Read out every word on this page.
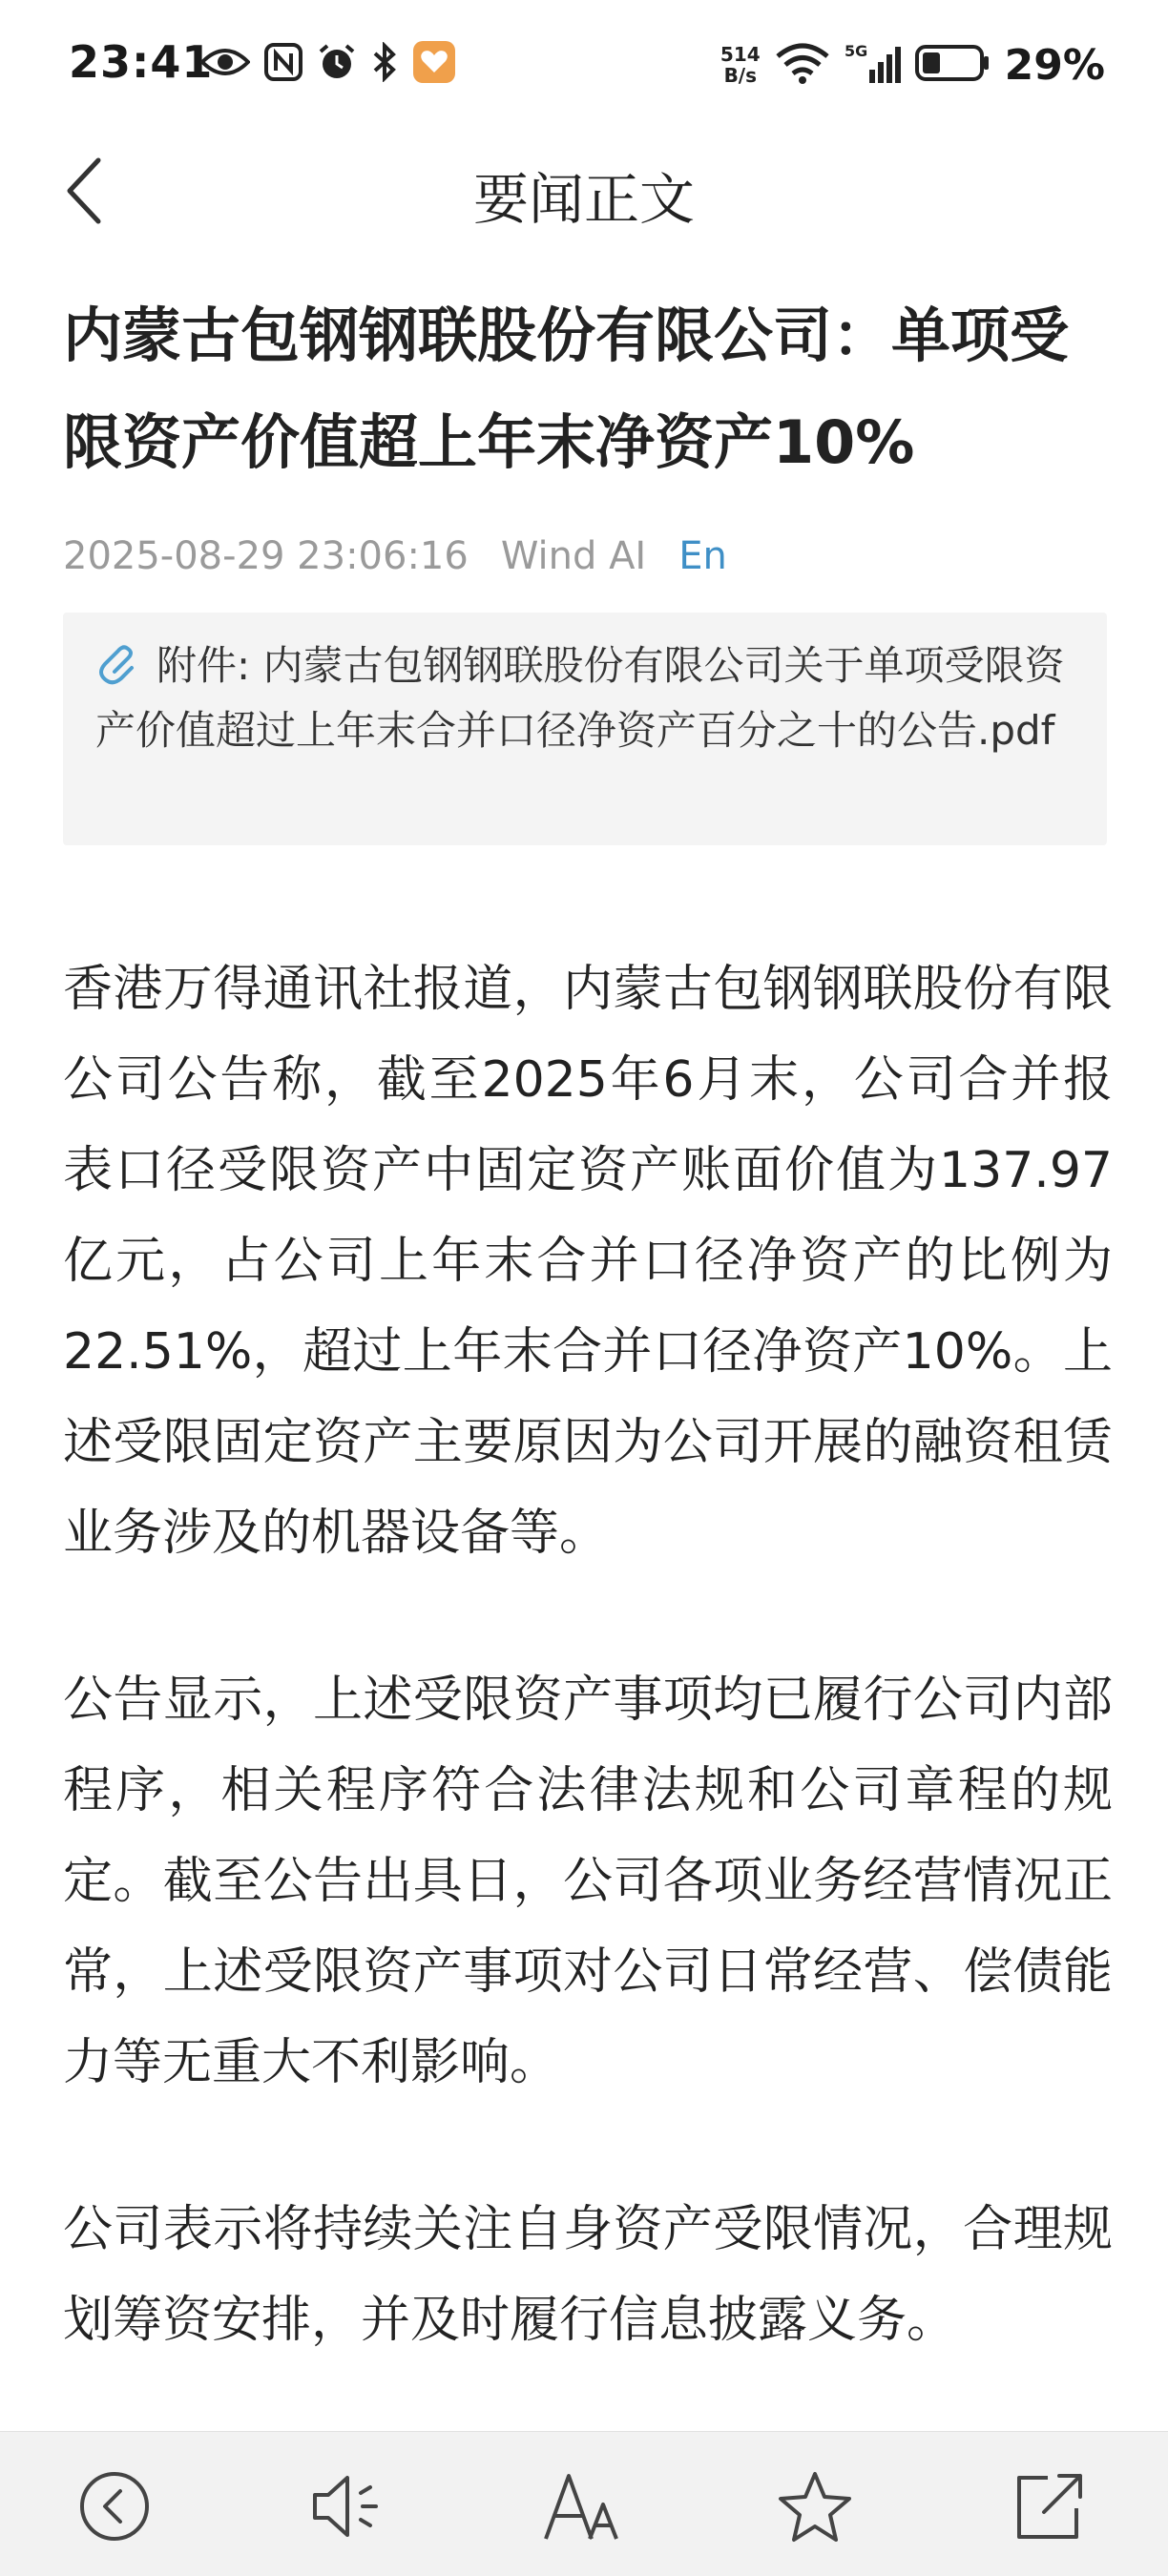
23:41	514
B/s
5G	29%
要闻正文
内蒙古包钢钢联股份有限公司：单项受限资产价值超上年末净资产10%
2025-08-29 23:06:16 Wind AI En
附件: 内蒙古包钢钢联股份有限公司关于单项受限资产价值超过上年末合并口径净资产百分之十的公告.pdf

香港万得通讯社报道，内蒙古包钢钢联股份有限公司公告称，截至2025年6月末，公司合并报表口径受限资产中固定资产账面价值为137.97亿元，占公司上年末合并口径净资产的比例为22.51%，超过上年末合并口径净资产10%。上述受限固定资产主要原因为公司开展的融资租赁业务涉及的机器设备等。

公告显示，上述受限资产事项均已履行公司内部程序，相关程序符合法律法规和公司章程的规定。截至公告出具日，公司各项业务经营情况正常，上述受限资产事项对公司日常经营、偿债能力等无重大不利影响。

公司表示将持续关注自身资产受限情况，合理规划筹资安排，并及时履行信息披露义务。
